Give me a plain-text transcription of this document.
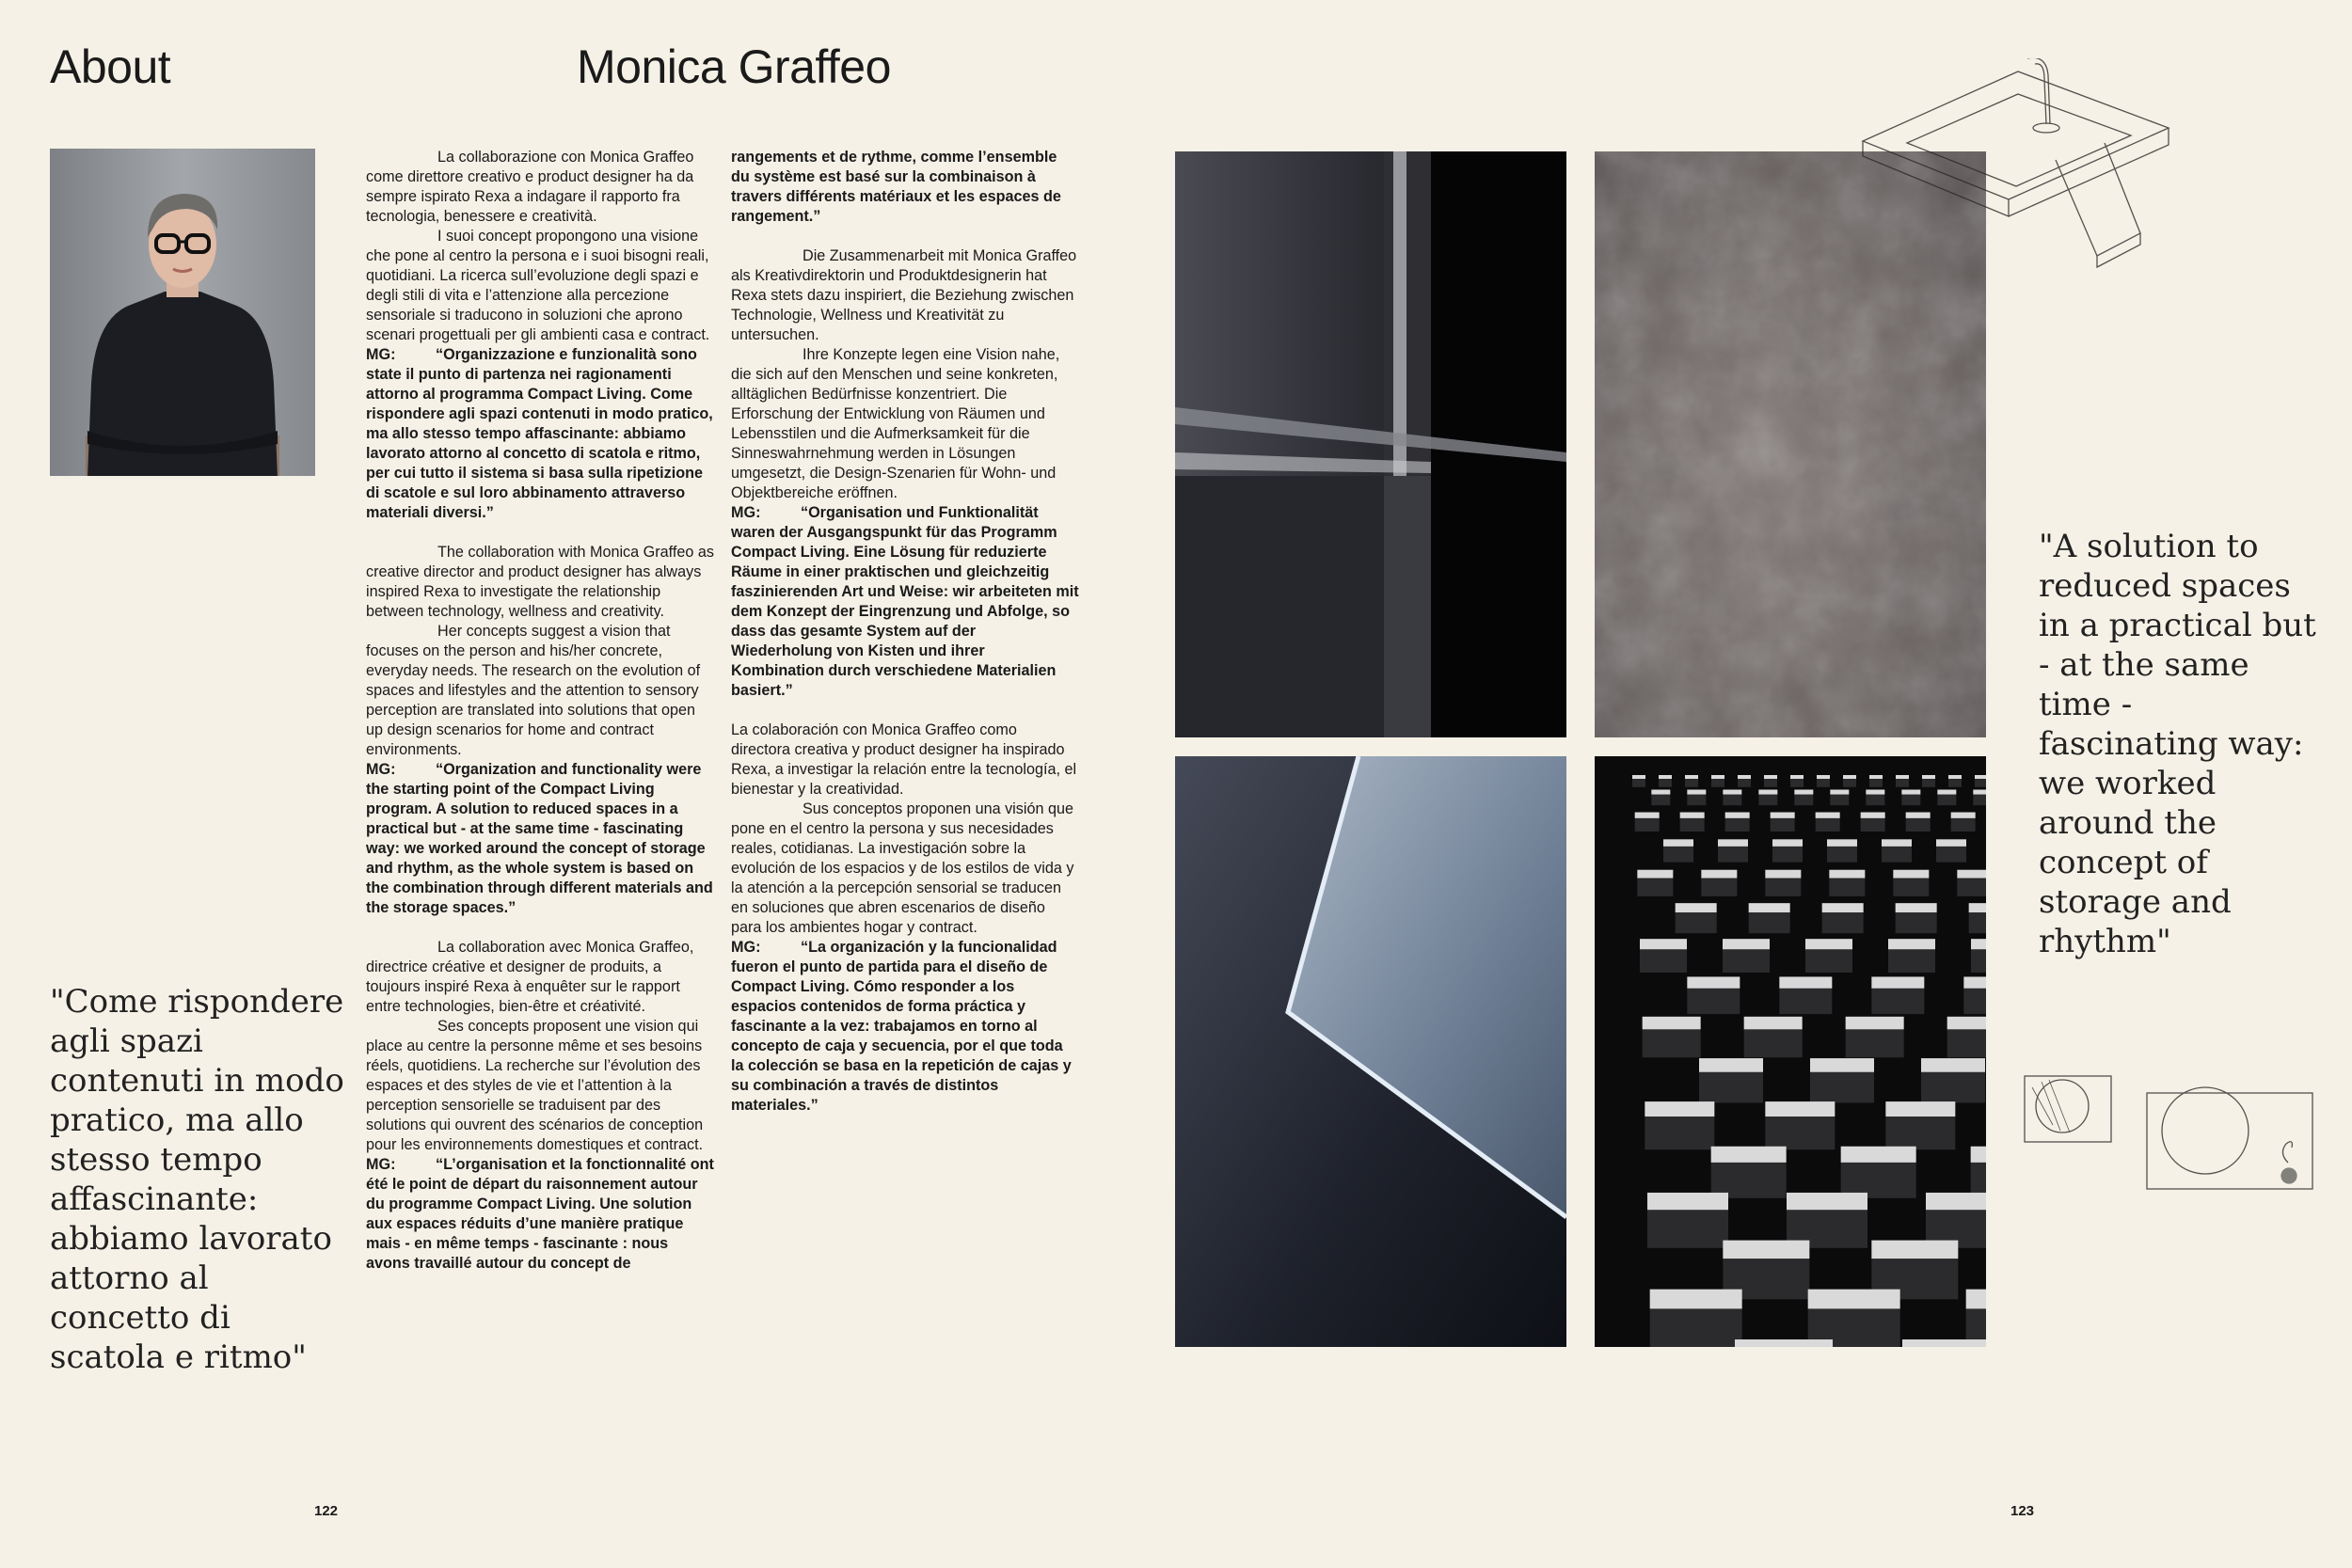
About	Monica Graffeo

La collaborazione con Monica Graffeo come direttore creativo e product designer ha da sempre ispirato Rexa a indagare il rapporto fra tecnologia, benessere e creatività.

I suoi concept propongono una visione che pone al centro la persona e i suoi bisogni reali, quotidiani. La ricerca sull’evoluzione degli spazi e degli stili di vita e l’attenzione alla percezione sensoriale si traducono in soluzioni che aprono scenari progettuali per gli ambienti casa e contract.

MG:	“Organizzazione e funzionalità sono state il punto di partenza nei ragionamenti attorno al programma Compact Living. Come rispondere agli spazi contenuti in modo pratico, ma allo stesso tempo affascinante: abbiamo lavorato attorno al concetto di scatola e ritmo, per cui tutto il sistema si basa sulla ripetizione di scatole e sul loro abbinamento attraverso materiali diversi.”

The collaboration with Monica Graffeo as creative director and product designer has always inspired Rexa to investigate the relationship between technology, wellness and creativity.

Her concepts suggest a vision that focuses on the person and his/her concrete, everyday needs. The research on the evolution of spaces and lifestyles and the attention to sensory perception are translated into solutions that open up design scenarios for home and contract environments.

MG:	“Organization and functionality were the starting point of the Compact Living program. A solution to reduced spaces in a practical but - at the same time - fascinating way: we worked around the concept of storage and rhythm, as the whole system is based on the combination through different materials and the storage spaces.”

La collaboration avec Monica Graffeo, directrice créative et designer de produits, a toujours inspiré Rexa à enquêter sur le rapport entre technologies, bien-être et créativité.

Ses concepts proposent une vision qui place au centre la personne même et ses besoins réels, quotidiens. La recherche sur l’évolution des espaces et des styles de vie et l’attention à la perception sensorielle se traduisent par des solutions qui ouvrent des scénarios de conception pour les environnements domestiques et contract.

MG:	“L’organisation et la fonctionnalité ont été le point de départ du raisonnement autour du programme Compact Living. Une solution aux espaces réduits d’une manière pratique mais - en même temps - fascinante : nous avons travaillé autour du concept de

rangements et de rythme, comme l’ensemble du système est basé sur la combinaison à travers différents matériaux et les espaces de rangement.”

Die Zusammenarbeit mit Monica Graffeo als Kreativdirektorin und Produktdesignerin hat Rexa stets dazu inspiriert, die Beziehung zwischen Technologie, Wellness und Kreativität zu untersuchen.

Ihre Konzepte legen eine Vision nahe, die sich auf den Menschen und seine konkreten, alltäglichen Bedürfnisse konzentriert. Die Erforschung der Entwicklung von Räumen und Lebensstilen und die Aufmerksamkeit für die Sinneswahrnehmung werden in Lösungen umgesetzt, die Design-Szenarien für Wohn- und Objektbereiche eröffnen.

MG:	“Organisation und Funktionalität waren der Ausgangspunkt für das Programm Compact Living. Eine Lösung für reduzierte Räume in einer praktischen und gleichzeitig faszinierenden Art und Weise: wir arbeiteten mit dem Konzept der Eingrenzung und Abfolge, so dass das gesamte System auf der Wiederholung von Kisten und ihrer Kombination durch verschiedene Materialien basiert.”

La colaboración con Monica Graffeo como directora creativa y product designer ha inspirado Rexa, a investigar la relación entre la tecnología, el bienestar y la creatividad.

Sus conceptos proponen una visión que pone en el centro la persona y sus necesidades reales, cotidianas. La investigación sobre la evolución de los espacios y de los estilos de vida y la atención a la percepción sensorial se traducen en soluciones que abren escenarios de diseño para los ambientes hogar y contract.

MG:	“La organización y la funcionalidad fueron el punto de partida para el diseño de Compact Living. Cómo responder a los espacios contenidos de forma práctica y fascinante a la vez: trabajamos en torno al concepto de caja y secuencia, por el que toda la colección se basa en la repetición de cajas y su combinación a través de distintos materiales.”

"Come rispondere agli spazi contenuti in modo pratico, ma allo stesso tempo affascinante: abbiamo lavorato attorno al concetto di scatola e ritmo"

122	123

"A solution to reduced spaces in a practical but - at the same time - fascinating way: we worked around the concept of storage and rhythm"
